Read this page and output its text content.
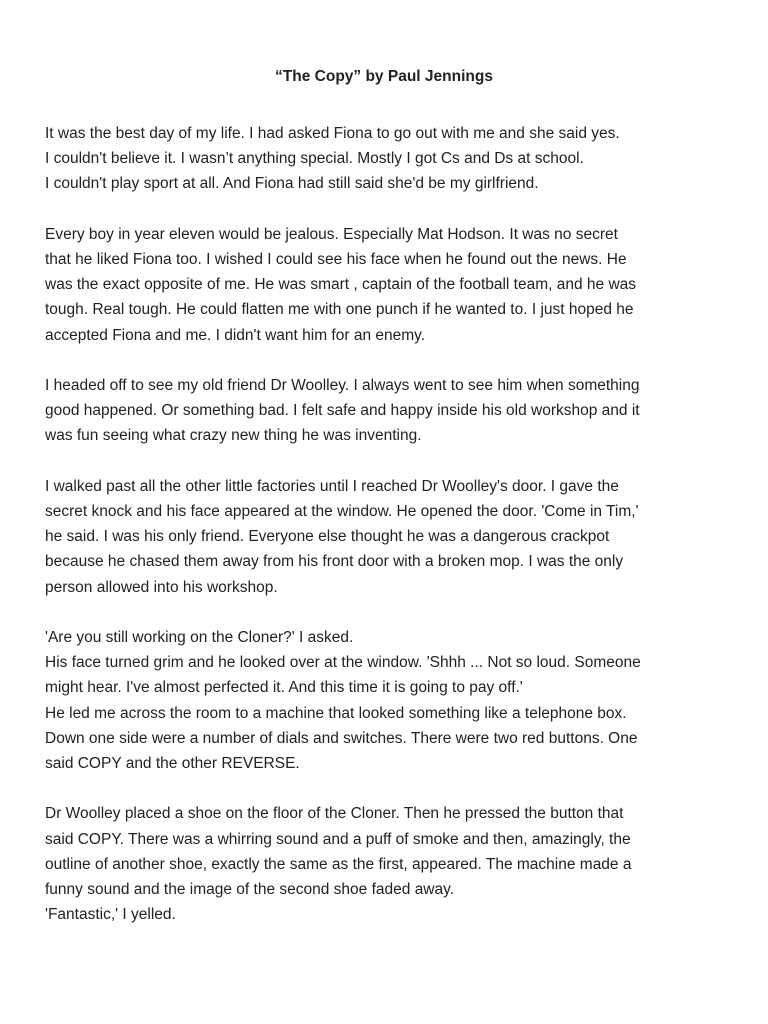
“The Copy” by Paul Jennings

It was the best day of my life. I had asked Fiona to go out with me and she said yes.
I couldn't believe it. I wasn’t anything special. Mostly I got Cs and Ds at school.
I couldn't play sport at all. And Fiona had still said she'd be my girlfriend.

Every boy in year eleven would be jealous. Especially Mat Hodson. It was no secret
that he liked Fiona too. I wished I could see his face when he found out the news. He
was the exact opposite of me. He was smart , captain of the football team, and he was
tough. Real tough. He could flatten me with one punch if he wanted to. I just hoped he
accepted Fiona and me. I didn't want him for an enemy.

I headed off to see my old friend Dr Woolley. I always went to see him when something
good happened. Or something bad. I felt safe and happy inside his old workshop and it
was fun seeing what crazy new thing he was inventing.

I walked past all the other little factories until I reached Dr Woolley's door. I gave the
secret knock and his face appeared at the window. He opened the door. 'Come in Tim,'
he said. I was his only friend. Everyone else thought he was a dangerous crackpot
because he chased them away from his front door with a broken mop. I was the only
person allowed into his workshop.

'Are you still working on the Cloner?' I asked.
His face turned grim and he looked over at the window. 'Shhh ... Not so loud. Someone
might hear. I've almost perfected it. And this time it is going to pay off.'
He led me across the room to a machine that looked something like a telephone box.
Down one side were a number of dials and switches. There were two red buttons. One
said COPY and the other REVERSE.

Dr Woolley placed a shoe on the floor of the Cloner. Then he pressed the button that
said COPY. There was a whirring sound and a puff of smoke and then, amazingly, the
outline of another shoe, exactly the same as the first, appeared. The machine made a
funny sound and the image of the second shoe faded away.
'Fantastic,' I yelled.
